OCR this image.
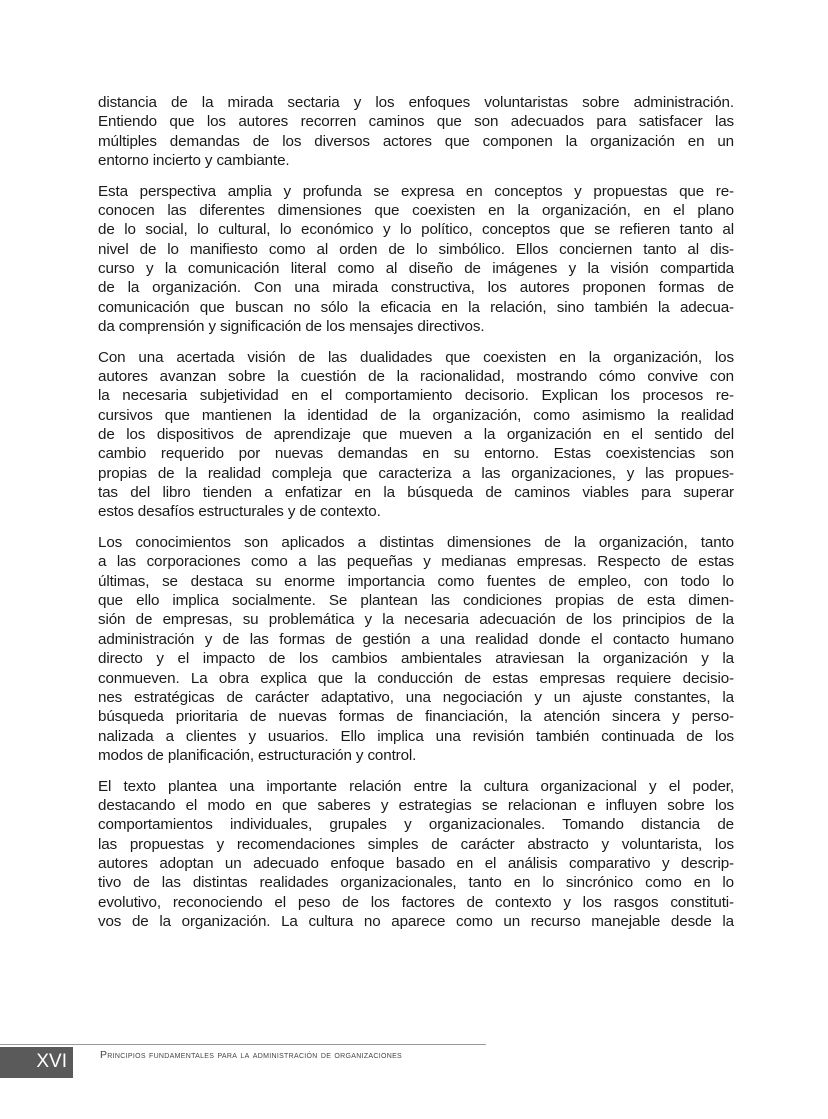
distancia de la mirada sectaria y los enfoques voluntaristas sobre administración.
Entiendo que los autores recorren caminos que son adecuados para satisfacer las
múltiples demandas de los diversos actores que componen la organización en un
entorno incierto y cambiante.
Esta perspectiva amplia y profunda se expresa en conceptos y propuestas que re-
conocen las diferentes dimensiones que coexisten en la organización, en el plano
de lo social, lo cultural, lo económico y lo político, conceptos que se refieren tanto al
nivel de lo manifiesto como al orden de lo simbólico. Ellos conciernen tanto al dis-
curso y la comunicación literal como al diseño de imágenes y la visión compartida
de la organización. Con una mirada constructiva, los autores proponen formas de
comunicación que buscan no sólo la eficacia en la relación, sino también la adecua-
da comprensión y significación de los mensajes directivos.
Con una acertada visión de las dualidades que coexisten en la organización, los
autores avanzan sobre la cuestión de la racionalidad, mostrando cómo convive con
la necesaria subjetividad en el comportamiento decisorio. Explican los procesos re-
cursivos que mantienen la identidad de la organización, como asimismo la realidad
de los dispositivos de aprendizaje que mueven a la organización en el sentido del
cambio requerido por nuevas demandas en su entorno. Estas coexistencias son
propias de la realidad compleja que caracteriza a las organizaciones, y las propues-
tas del libro tienden a enfatizar en la búsqueda de caminos viables para superar
estos desafíos estructurales y de contexto.
Los conocimientos son aplicados a distintas dimensiones de la organización, tanto
a las corporaciones como a las pequeñas y medianas empresas. Respecto de estas
últimas, se destaca su enorme importancia como fuentes de empleo, con todo lo
que ello implica socialmente. Se plantean las condiciones propias de esta dimen-
sión de empresas, su problemática y la necesaria adecuación de los principios de la
administración y de las formas de gestión a una realidad donde el contacto humano
directo y el impacto de los cambios ambientales atraviesan la organización y la
conmueven. La obra explica que la conducción de estas empresas requiere decisio-
nes estratégicas de carácter adaptativo, una negociación y un ajuste constantes, la
búsqueda prioritaria de nuevas formas de financiación, la atención sincera y perso-
nalizada a clientes y usuarios. Ello implica una revisión también continuada de los
modos de planificación, estructuración y control.
El texto plantea una importante relación entre la cultura organizacional y el poder,
destacando el modo en que saberes y estrategias se relacionan e influyen sobre los
comportamientos individuales, grupales y organizacionales. Tomando distancia de
las propuestas y recomendaciones simples de carácter abstracto y voluntarista, los
autores adoptan un adecuado enfoque basado en el análisis comparativo y descrip-
tivo de las distintas realidades organizacionales, tanto en lo sincrónico como en lo
evolutivo, reconociendo el peso de los factores de contexto y los rasgos constituti-
vos de la organización. La cultura no aparece como un recurso manejable desde la
XVI	Principios fundamentales para la administración de organizaciones
